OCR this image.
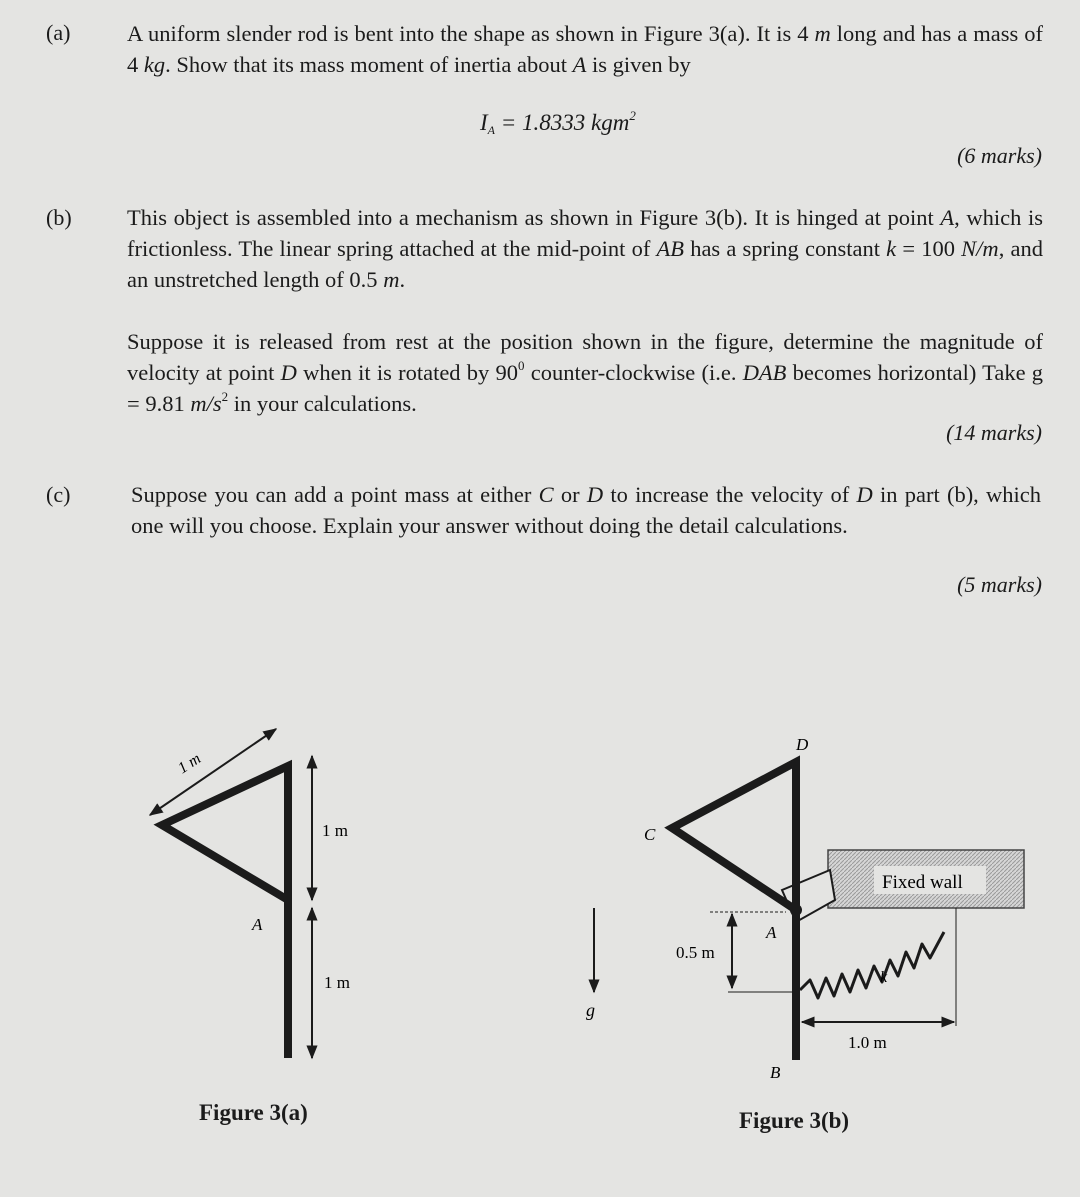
(a)	A uniform slender rod is bent into the shape as shown in Figure 3(a). It is 4 m long and has a mass of 4 kg. Show that its mass moment of inertia about A is given by
$I_A = 1.8333$ kgm$^2$
(6 marks)
(b) This object is assembled into a mechanism as shown in Figure 3(b). It is hinged at point A, which is frictionless. The linear spring attached at the mid-point of AB has a spring constant k = 100 N/m, and an unstretched length of 0.5 m.
Suppose it is released from rest at the position shown in the figure, determine the magnitude of velocity at point D when it is rotated by $90^0$ counter-clockwise (i.e. DAB becomes horizontal) Take g = 9.81 $m/s^2$ in your calculations.
(14 marks)
(c)	Suppose you can add a point mass at either C or D to increase the velocity of D in part (b), which one will you choose. Explain your answer without doing the detail calculations.
(5 marks)
1 m
1 m
1 m
A
Figure 3(a)
g
Fixed wall
D
C
A
B
k
0.5 m
1.0 m
Figure 3(b)
